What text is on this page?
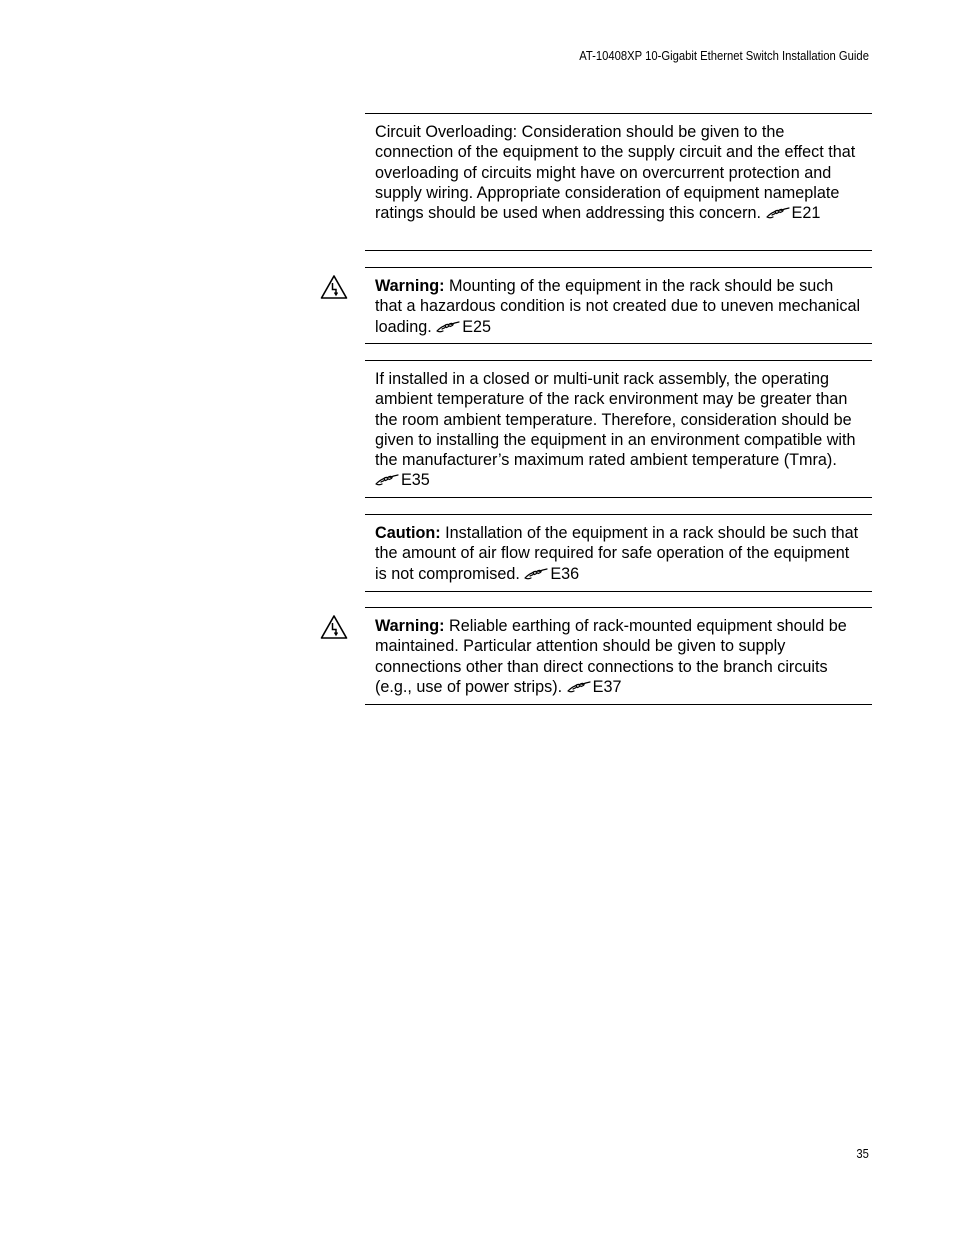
AT-10408XP 10-Gigabit Ethernet Switch Installation Guide

Circuit Overloading: Consideration should be given to the connection of the equipment to the supply circuit and the effect that overloading of circuits might have on overcurrent protection and supply wiring. Appropriate consideration of equipment nameplate ratings should be used when addressing this concern. E21

Warning: Mounting of the equipment in the rack should be such that a hazardous condition is not created due to uneven mechanical loading. E25

If installed in a closed or multi-unit rack assembly, the operating ambient temperature of the rack environment may be greater than the room ambient temperature. Therefore, consideration should be given to installing the equipment in an environment compatible with the manufacturer’s maximum rated ambient temperature (Tmra). E35

Caution: Installation of the equipment in a rack should be such that the amount of air flow required for safe operation of the equipment is not compromised. E36

Warning: Reliable earthing of rack-mounted equipment should be maintained. Particular attention should be given to supply connections other than direct connections to the branch circuits (e.g., use of power strips). E37

35
